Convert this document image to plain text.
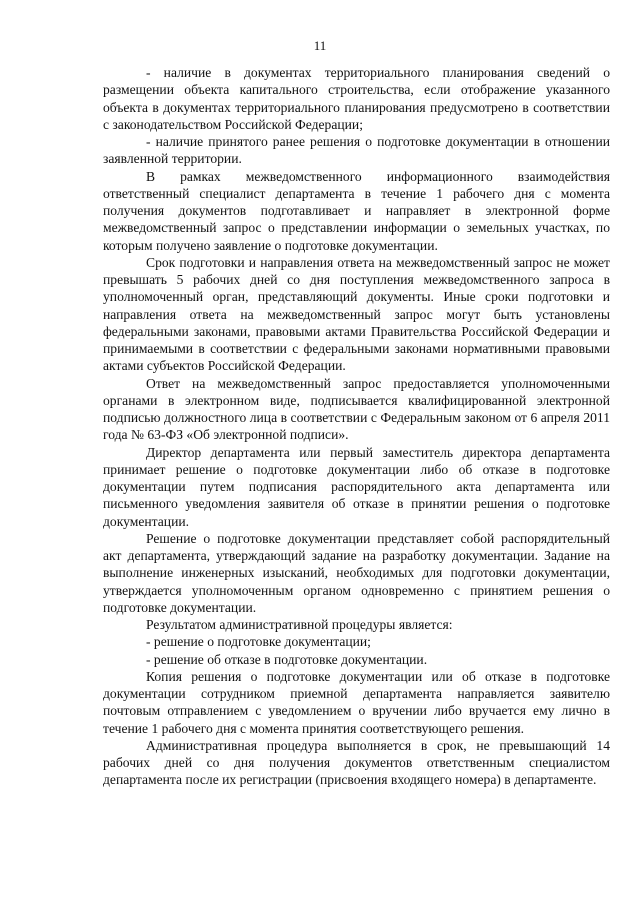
11

- наличие в документах территориального планирования сведений о размещении объекта капитального строительства, если отображение указанного объекта в документах территориального планирования предусмотрено в соответствии с законодательством Российской Федерации;

- наличие принятого ранее решения о подготовке документации в отношении заявленной территории.

В рамках межведомственного информационного взаимодействия ответственный специалист департамента в течение 1 рабочего дня с момента получения документов подготавливает и направляет в электронной форме межведомственный запрос о представлении информации о земельных участках, по которым получено заявление о подготовке документации.

Срок подготовки и направления ответа на межведомственный запрос не может превышать 5 рабочих дней со дня поступления межведомственного запроса в уполномоченный орган, представляющий документы. Иные сроки подготовки и направления ответа на межведомственный запрос могут быть установлены федеральными законами, правовыми актами Правительства Российской Федерации и принимаемыми в соответствии с федеральными законами нормативными правовыми актами субъектов Российской Федерации.

Ответ на межведомственный запрос предоставляется уполномоченными органами в электронном виде, подписывается квалифицированной электронной подписью должностного лица в соответствии с Федеральным законом от 6 апреля 2011 года № 63-ФЗ «Об электронной подписи».

Директор департамента или первый заместитель директора департамента принимает решение о подготовке документации либо об отказе в подготовке документации путем подписания распорядительного акта департамента или письменного уведомления заявителя об отказе в принятии решения о подготовке документации.

Решение о подготовке документации представляет собой распорядительный акт департамента, утверждающий задание на разработку документации. Задание на выполнение инженерных изысканий, необходимых для подготовки документации, утверждается уполномоченным органом одновременно с принятием решения о подготовке документации.

Результатом административной процедуры является:

- решение о подготовке документации;

- решение об отказе в подготовке документации.

Копия решения о подготовке документации или об отказе в подготовке документации сотрудником приемной департамента направляется заявителю почтовым отправлением с уведомлением о вручении либо вручается ему лично в течение 1 рабочего дня с момента принятия соответствующего решения.

Административная процедура выполняется в срок, не превышающий 14 рабочих дней со дня получения документов ответственным специалистом департамента после их регистрации (присвоения входящего номера) в департаменте.
